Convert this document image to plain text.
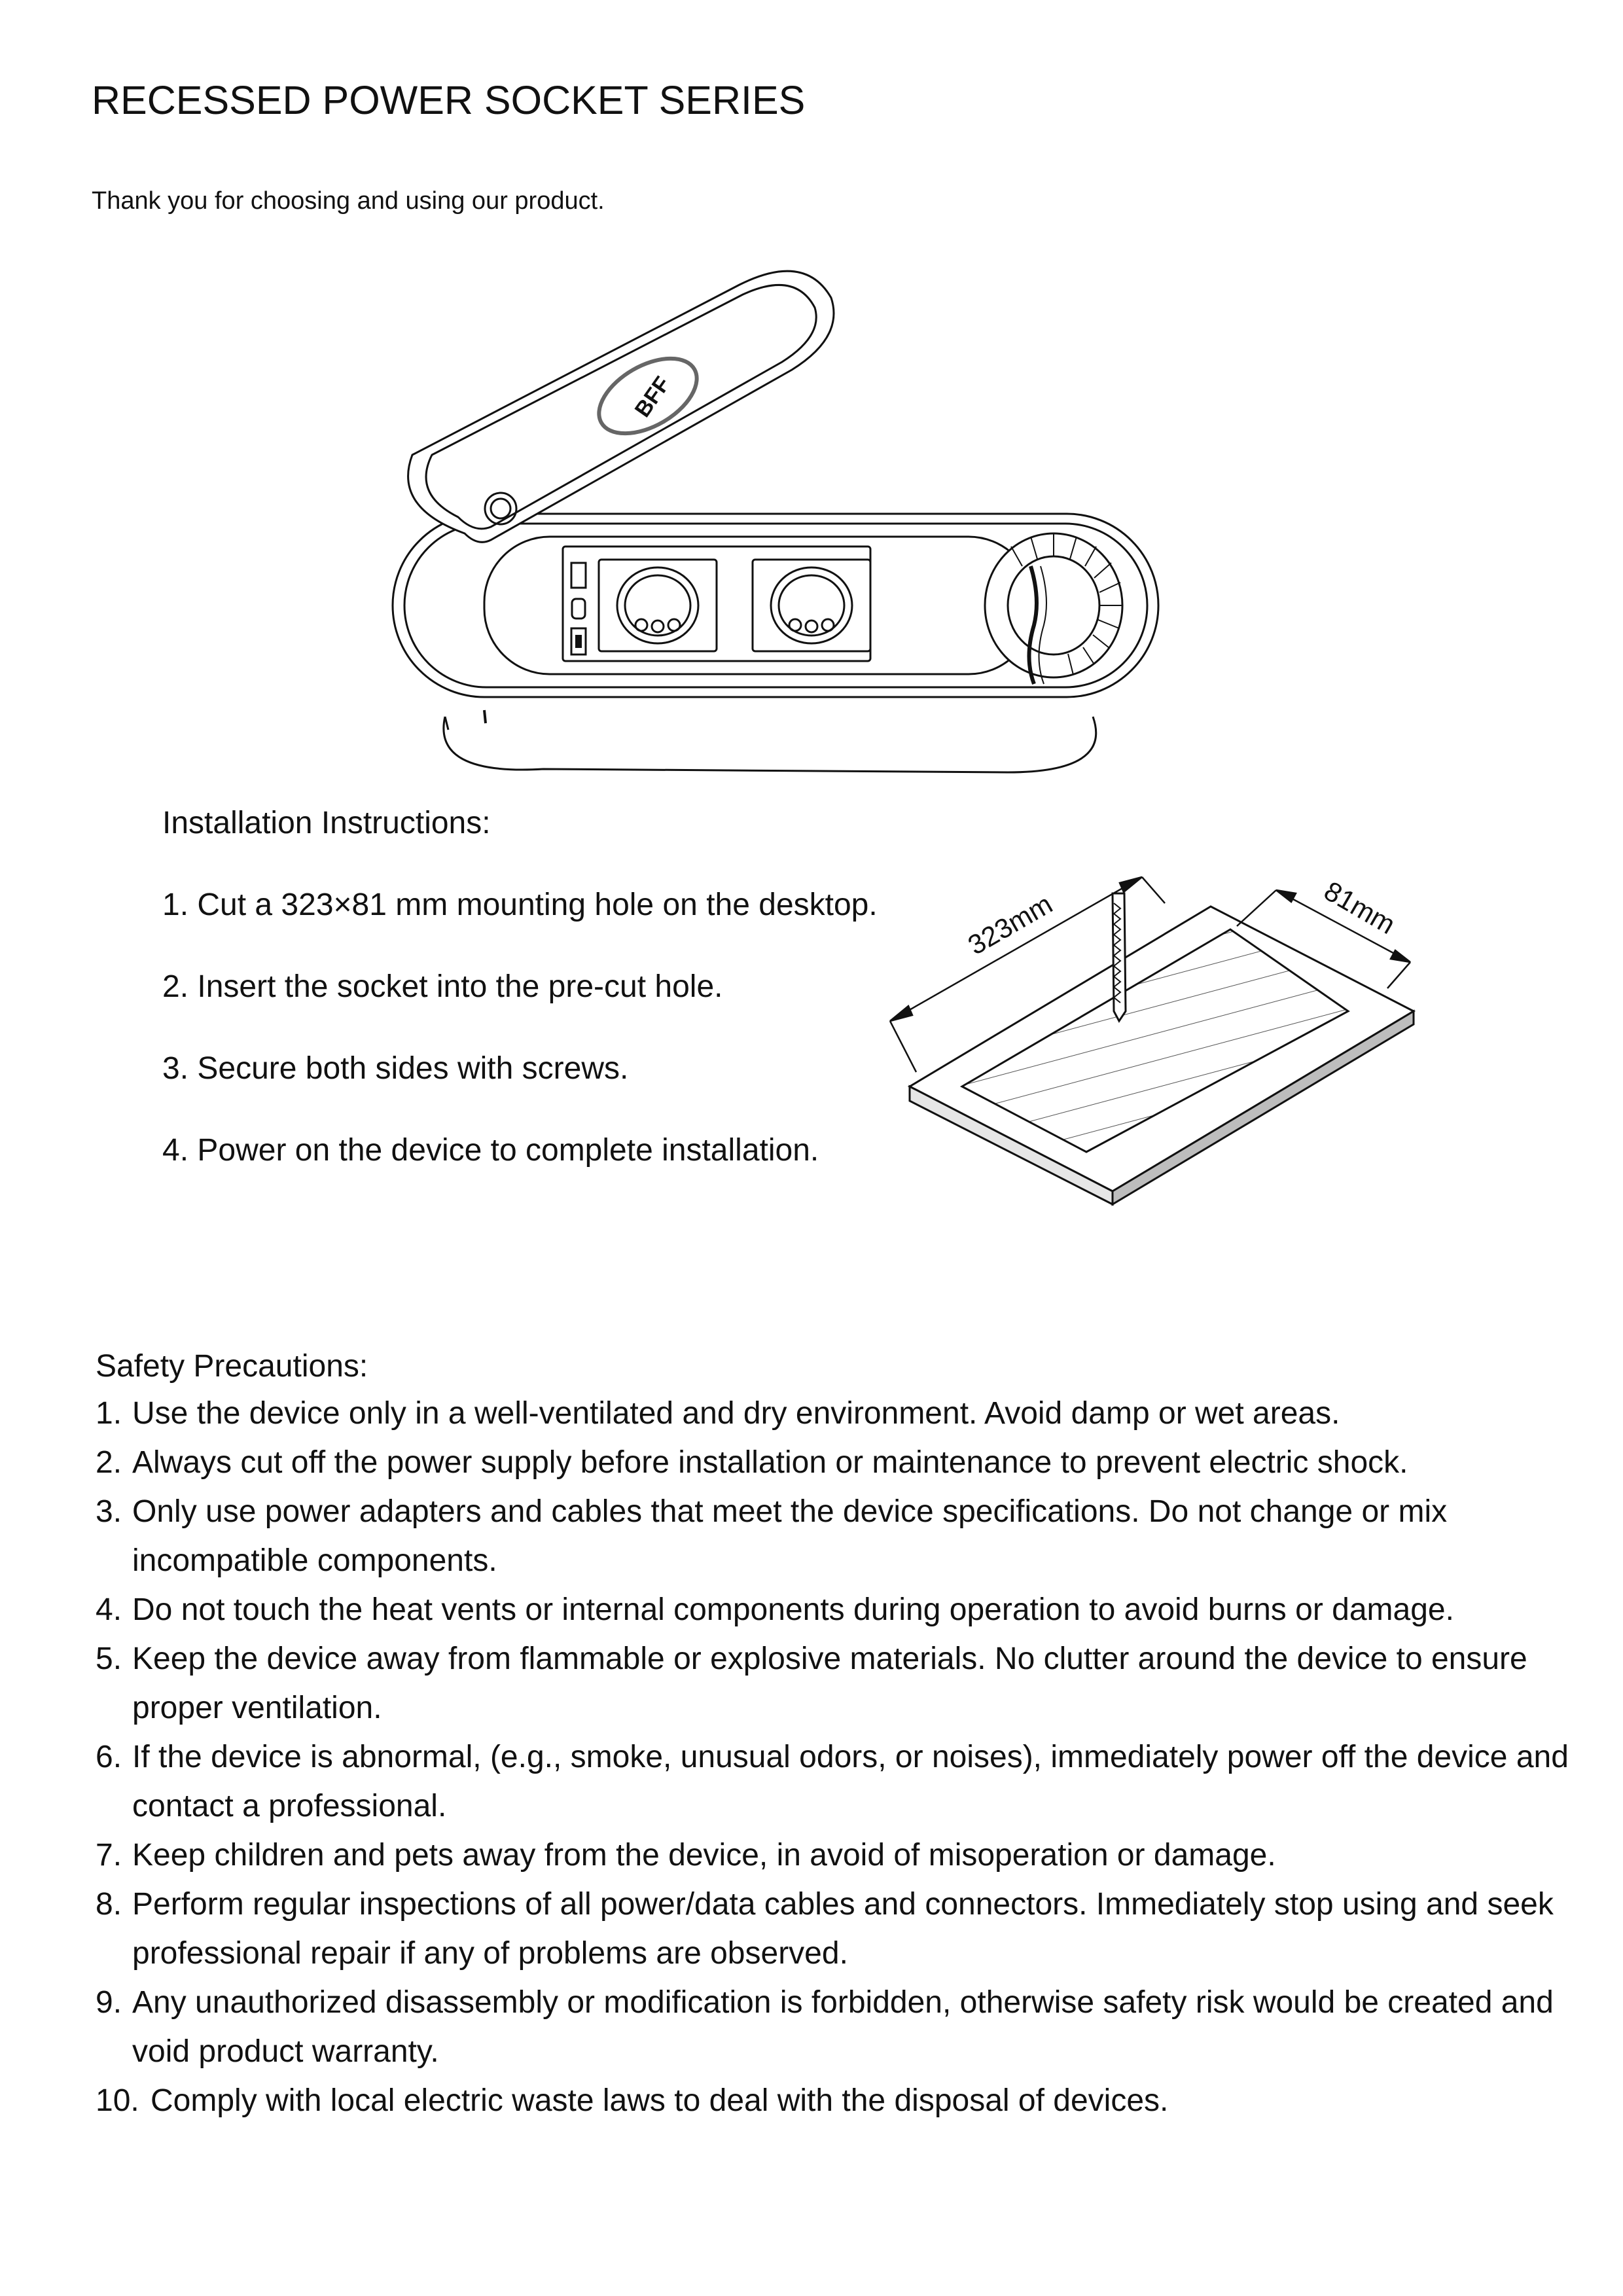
RECESSED POWER SOCKET SERIES
Thank you for choosing and using our product.
BFF
Installation Instructions:
1. Cut a 323×81 mm mounting hole on the desktop.
2. Insert the socket into the pre-cut hole.
3. Secure both sides with screws.
4. Power on the device to complete installation.
323mm	81mm
Safety Precautions:
1. Use the device only in a well-ventilated and dry environment. Avoid damp or wet areas.
2. Always cut off the power supply before installation or maintenance to prevent electric shock.
3. Only use power adapters and cables that meet the device specifications. Do not change or mix incompatible components.
4. Do not touch the heat vents or internal components during operation to avoid burns or damage.
5. Keep the device away from flammable or explosive materials. No clutter around the device to ensure proper ventilation.
6. If the device is abnormal, (e.g., smoke, unusual odors, or noises), immediately power off the device and contact a professional.
7. Keep children and pets away from the device, in avoid of misoperation or damage.
8. Perform regular inspections of all power/data cables and connectors. Immediately stop using and seek professional repair if any of problems are observed.
9. Any unauthorized disassembly or modification is forbidden, otherwise safety risk would be created and void product warranty.
10. Comply with local electric waste laws to deal with the disposal of devices.
